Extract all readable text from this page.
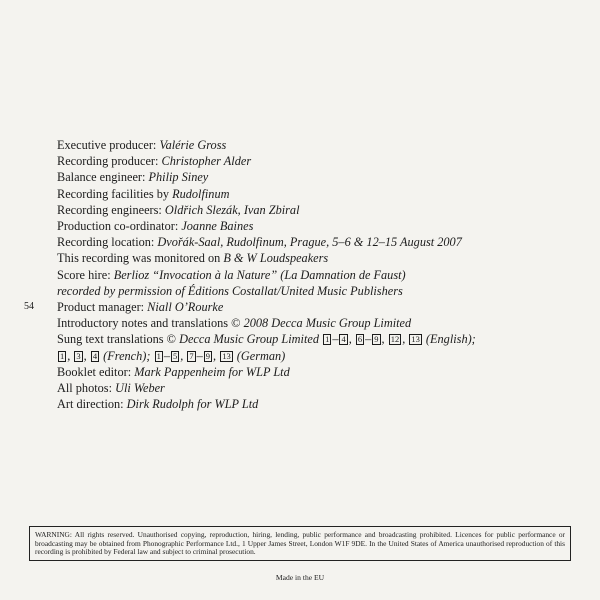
54
Executive producer: Valérie Gross
Recording producer: Christopher Alder
Balance engineer: Philip Siney
Recording facilities by Rudolfinum
Recording engineers: Oldřich Slezák, Ivan Zbiral
Production co-ordinator: Joanne Baines
Recording location: Dvořák-Saal, Rudolfinum, Prague, 5–6 & 12–15 August 2007
This recording was monitored on B & W Loudspeakers
Score hire: Berlioz “Invocation à la Nature” (La Damnation de Faust)
recorded by permission of Éditions Costallat/United Music Publishers
Product manager: Niall O’Rourke
Introductory notes and translations © 2008 Decca Music Group Limited
Sung text translations © Decca Music Group Limited 1 – 4 , 6 – 9 , 12 , 13 (English);
1 , 3 , 4 (French); 1 – 5 , 7 – 9 , 13 (German)
Booklet editor: Mark Pappenheim for WLP Ltd
All photos: Uli Weber
Art direction: Dirk Rudolph for WLP Ltd
WARNING: All rights reserved. Unauthorised copying, reproduction, hiring, lending, public performance and broadcasting prohibited. Licences for public performance or broadcasting may be obtained from Phonographic Performance Ltd., 1 Upper James Street, London W1F 9DE. In the United States of America unauthorised reproduction of this recording is prohibited by Federal law and subject to criminal prosecution.
Made in the EU
